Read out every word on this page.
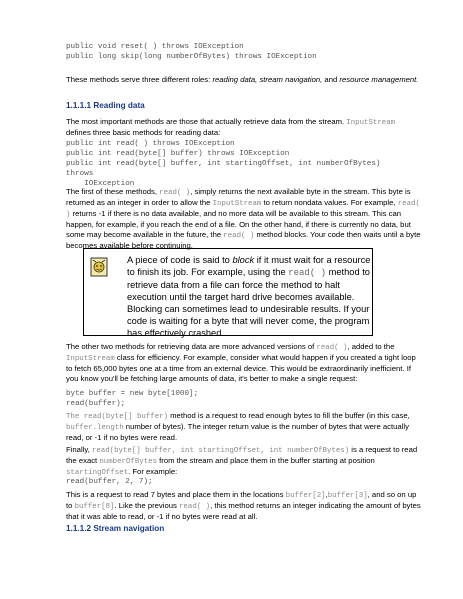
public void reset( ) throws IOException
public long skip(long numberOfBytes) throws IOException

These methods serve three different roles: reading data, stream navigation, and resource management.

1.1.1.1 Reading data

The most important methods are those that actually retrieve data from the stream. InputStream defines three basic methods for reading data:

public int read( ) throws IOException
public int read(byte[] buffer) throws IOException
public int read(byte[] buffer, int startingOffset, int numberOfBytes)
throws
IOException

The first of these methods, read( ), simply returns the next available byte in the stream. This byte is returned as an integer in order to allow the InputStream to return nondata values. For example, read( ) returns -1 if there is no data available, and no more data will be available to this stream. This can happen, for example, if you reach the end of a file. On the other hand, if there is currently no data, but some may become available in the future, the read( ) method blocks. Your code then waits until a byte becomes available before continuing.

A piece of code is said to block if it must wait for a resource to finish its job. For example, using the read( ) method to retrieve data from a file can force the method to halt execution until the target hard drive becomes available. Blocking can sometimes lead to undesirable results. If your code is waiting for a byte that will never come, the program has effectively crashed.

The other two methods for retrieving data are more advanced versions of read( ), added to the InputStream class for efficiency. For example, consider what would happen if you created a tight loop to fetch 65,000 bytes one at a time from an external device. This would be extraordinarily inefficient. If you know you'll be fetching large amounts of data, it's better to make a single request:

byte buffer = new byte[1000];
read(buffer);

The read(byte[] buffer) method is a request to read enough bytes to fill the buffer (in this case, buffer.length number of bytes). The integer return value is the number of bytes that were actually read, or -1 if no bytes were read.

Finally, read(byte[] buffer, int startingOffset, int numberOfBytes) is a request to read the exact numberOfBytes from the stream and place them in the buffer starting at position startingOffset. For example:

read(buffer, 2, 7);

This is a request to read 7 bytes and place them in the locations buffer[2],buffer[3], and so on up to buffer[8]. Like the previous read( ), this method returns an integer indicating the amount of bytes that it was able to read, or -1 if no bytes were read at all.

1.1.1.2 Stream navigation
